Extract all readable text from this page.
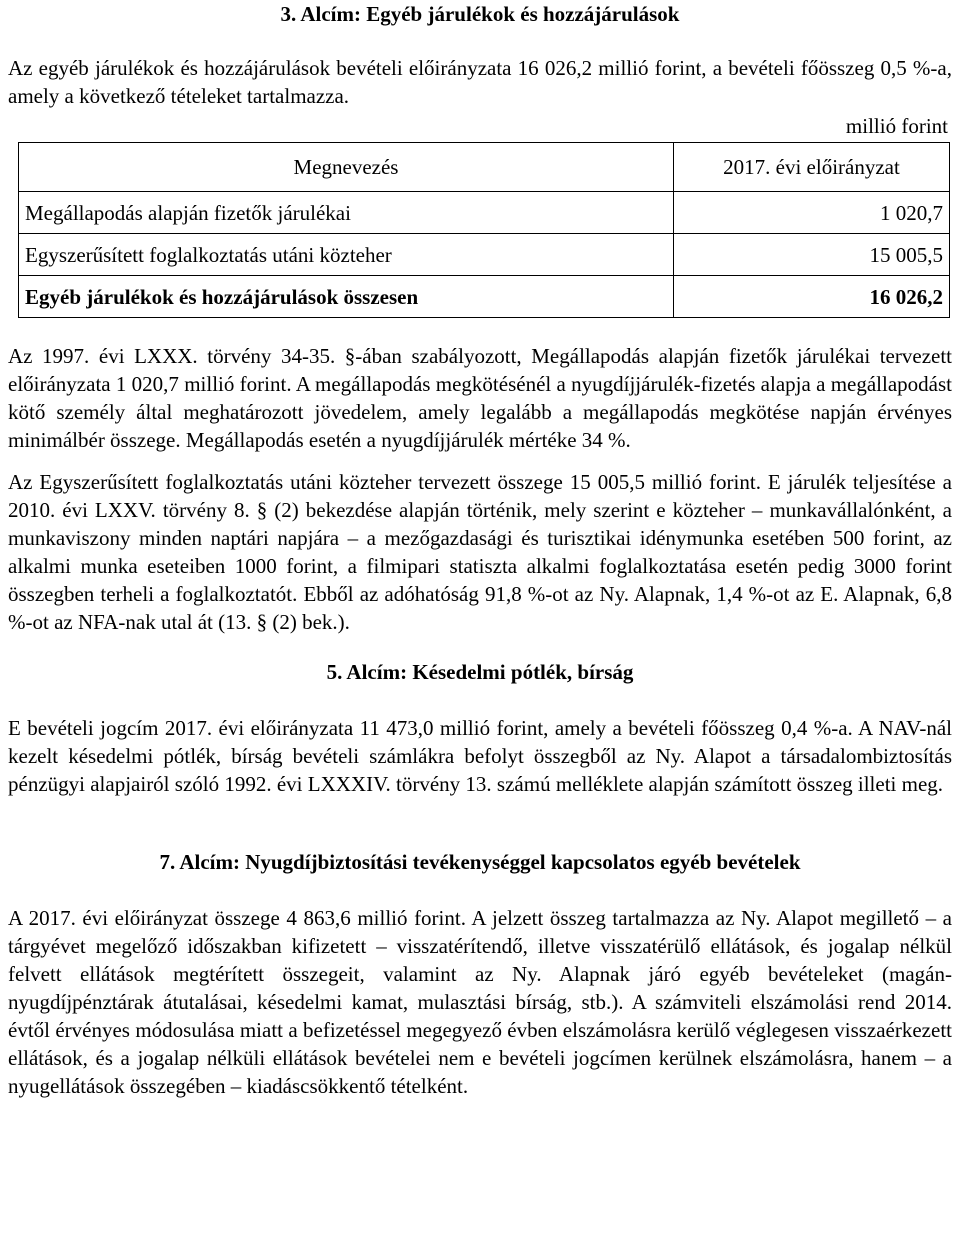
3. Alcím: Egyéb járulékok és hozzájárulások

Az egyéb járulékok és hozzájárulások bevételi előirányzata 16 026,2 millió forint, a bevételi főösszeg 0,5 %-a, amely a következő tételeket tartalmazza.

millió forint
Megnevezés	2017. évi előirányzat
Megállapodás alapján fizetők járulékai	1 020,7
Egyszerűsített foglalkoztatás utáni közteher	15 005,5
Egyéb járulékok és hozzájárulások összesen	16 026,2

Az 1997. évi LXXX. törvény 34-35. §-ában szabályozott, Megállapodás alapján fizetők járulékai tervezett előirányzata 1 020,7 millió forint. A megállapodás megkötésénél a nyugdíjjárulék-fizetés alapja a megállapodást kötő személy által meghatározott jövedelem, amely legalább a megállapodás megkötése napján érvényes minimálbér összege. Megállapodás esetén a nyugdíjjárulék mértéke 34 %.

Az Egyszerűsített foglalkoztatás utáni közteher tervezett összege 15 005,5 millió forint. E járulék teljesítése a 2010. évi LXXV. törvény 8. § (2) bekezdése alapján történik, mely szerint e közteher – munkavállalónként, a munkaviszony minden naptári napjára – a mezőgazdasági és turisztikai idénymunka esetében 500 forint, az alkalmi munka eseteiben 1000 forint, a filmipari statiszta alkalmi foglalkoztatása esetén pedig 3000 forint összegben terheli a foglalkoztatót. Ebből az adóhatóság 91,8 %-ot az Ny. Alapnak, 1,4 %-ot az E. Alapnak, 6,8 %-ot az NFA-nak utal át (13. § (2) bek.).

5. Alcím: Késedelmi pótlék, bírság

E bevételi jogcím 2017. évi előirányzata 11 473,0 millió forint, amely a bevételi főösszeg 0,4 %-a. A NAV-nál kezelt késedelmi pótlék, bírság bevételi számlákra befolyt összegből az Ny. Alapot a társadalombiztosítás pénzügyi alapjairól szóló 1992. évi LXXXIV. törvény 13. számú melléklete alapján számított összeg illeti meg.

7. Alcím: Nyugdíjbiztosítási tevékenységgel kapcsolatos egyéb bevételek

A 2017. évi előirányzat összege 4 863,6 millió forint. A jelzett összeg tartalmazza az Ny. Alapot megillető – a tárgyévet megelőző időszakban kifizetett – visszatérítendő, illetve visszatérülő ellátások, és jogalap nélkül felvett ellátások megtérített összegeit, valamint az Ny. Alapnak járó egyéb bevételeket (magán-nyugdíjpénztárak átutalásai, késedelmi kamat, mulasztási bírság, stb.). A számviteli elszámolási rend 2014. évtől érvényes módosulása miatt a befizetéssel megegyező évben elszámolásra kerülő véglegesen visszaérkezett ellátások, és a jogalap nélküli ellátások bevételei nem e bevételi jogcímen kerülnek elszámolásra, hanem – a nyugellátások összegében – kiadáscsökkentő tételként.
